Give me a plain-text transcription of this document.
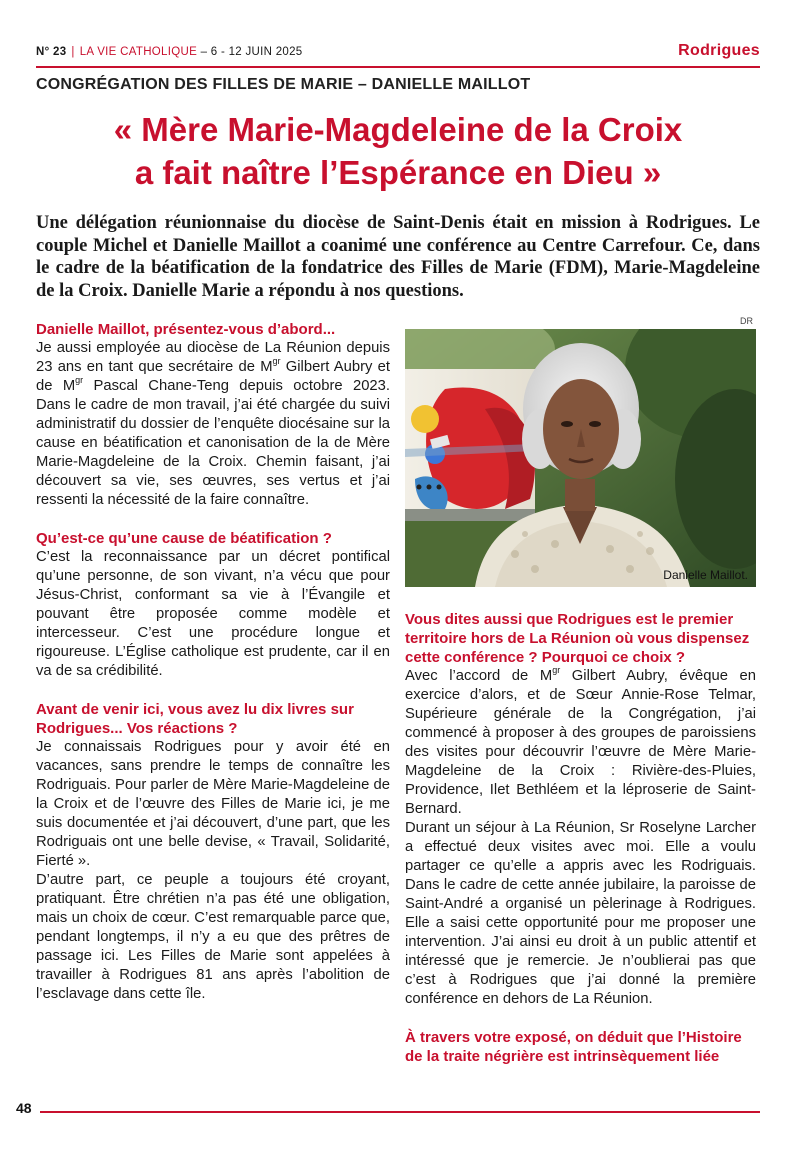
N° 23 | LA VIE CATHOLIQUE – 6 - 12 JUIN 2025	Rodrigues
CONGRÉGATION DES FILLES DE MARIE – DANIELLE MAILLOT
« Mère Marie-Magdeleine de la Croix
a fait naître l’Espérance en Dieu »
Une délégation réunionnaise du diocèse de Saint-Denis était en mission à Rodrigues. Le couple Michel et Danielle Maillot a coanimé une conférence au Centre Carrefour. Ce, dans le cadre de la béatification de la fondatrice des Filles de Marie (FDM), Marie-Magdeleine de la Croix. Danielle Marie a répondu à nos questions.
Danielle Maillot, présentez-vous d’abord...
Je aussi employée au diocèse de La Réunion depuis 23 ans en tant que secrétaire de $M^{gr}$ Gilbert Aubry et de $M^{gr}$ Pascal Chane-Teng depuis octobre 2023. Dans le cadre de mon travail, j’ai été chargée du suivi administratif du dossier de l’enquête diocésaine sur la cause en béatification et canonisation de la de Mère Marie-Magdeleine de la Croix. Chemin faisant, j’ai découvert sa vie, ses œuvres, ses vertus et j’ai ressenti la nécessité de la faire connaître.
Qu’est-ce qu’une cause de béatification ?
C’est la reconnaissance par un décret pontifical qu’une personne, de son vivant, n’a vécu que pour Jésus-Christ, conformant sa vie à l’Évangile et pouvant être proposée comme modèle et intercesseur. C’est une procédure longue et rigoureuse. L’Église catholique est prudente, car il en va de sa crédibilité.
Avant de venir ici, vous avez lu dix livres sur Rodrigues... Vos réactions ?
Je connaissais Rodrigues pour y avoir été en vacances, sans prendre le temps de connaître les Rodriguais. Pour parler de Mère Marie-Magdeleine de la Croix et de l’œuvre des Filles de Marie ici, je me suis documentée et j’ai découvert, d’une part, que les Rodriguais ont une belle devise, « Travail, Solidarité, Fierté ».
D’autre part, ce peuple a toujours été croyant, pratiquant. Être chrétien n’a pas été une obligation, mais un choix de cœur. C’est remarquable parce que, pendant longtemps, il n’y a eu que des prêtres de passage ici. Les Filles de Marie sont appelées à travailler à Rodrigues 81 ans après l’abolition de l’esclavage dans cette île.
DR
Danielle Maillot.
Vous dites aussi que Rodrigues est le premier territoire hors de La Réunion où vous dispensez cette conférence ? Pourquoi ce choix ?
Avec l’accord de $M^{gr}$ Gilbert Aubry, évêque en exercice d’alors, et de Sœur Annie-Rose Telmar, Supérieure générale de la Congrégation, j’ai commencé à proposer à des groupes de paroissiens des visites pour découvrir l’œuvre de Mère Marie-Magdeleine de la Croix : Rivière-des-Pluies, Providence, Ilet Bethléem et la léproserie de Saint-Bernard.
Durant un séjour à La Réunion, Sr Roselyne Larcher a effectué deux visites avec moi. Elle a voulu partager ce qu’elle a appris avec les Rodriguais. Dans le cadre de cette année jubilaire, la paroisse de Saint-André a organisé un pèlerinage à Rodrigues. Elle a saisi cette opportunité pour me proposer une intervention. J’ai ainsi eu droit à un public attentif et intéressé que je remercie. Je n’oublierai pas que c’est à Rodrigues que j’ai donné la première conférence en dehors de La Réunion.
À travers votre exposé, on déduit que l’Histoire de la traite négrière est intrinsèquement liée
48
